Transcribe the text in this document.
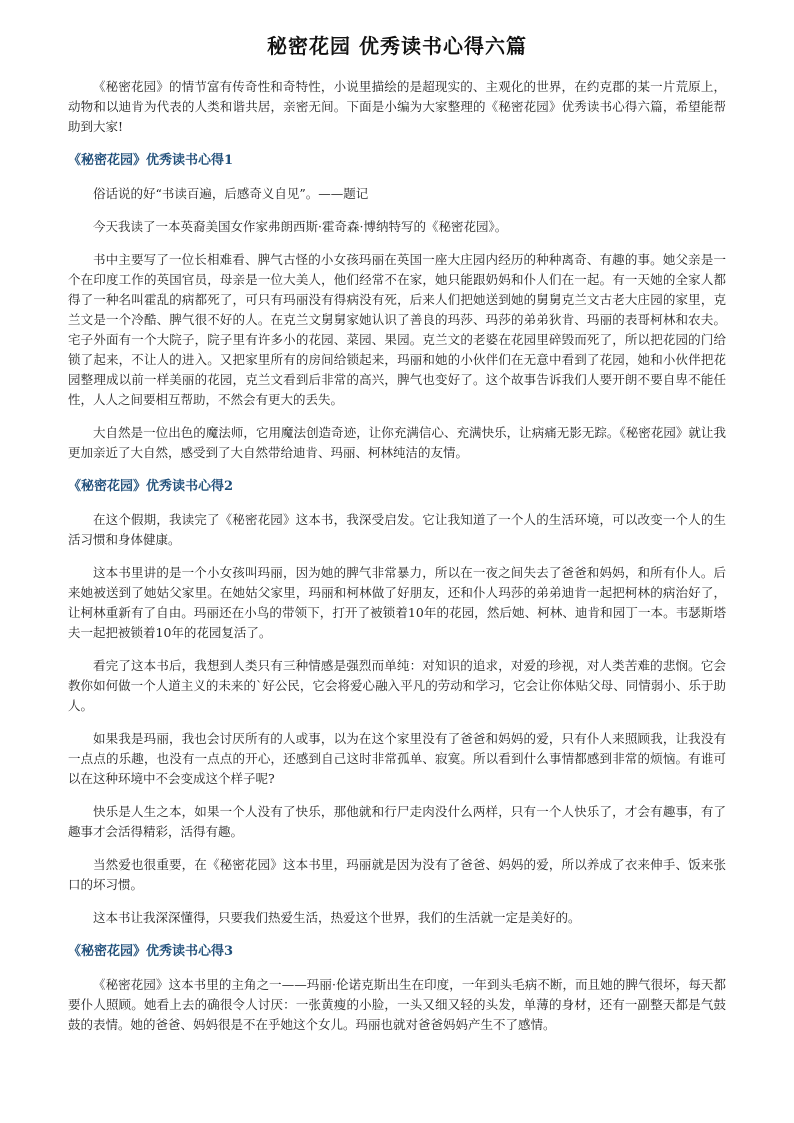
秘密花园 优秀读书心得六篇

《秘密花园》的情节富有传奇性和奇特性，小说里描绘的是超现实的、主观化的世界，在约克郡的某一片荒原上，动物和以迪肯为代表的人类和谐共居，亲密无间。下面是小编为大家整理的《秘密花园》优秀读书心得六篇，希望能帮助到大家!

《秘密花园》优秀读书心得1

俗话说的好“书读百遍，后感奇义自见”。——题记

今天我读了一本英裔美国女作家弗朗西斯·霍奇森·博纳特写的《秘密花园》。

书中主要写了一位长相难看、脾气古怪的小女孩玛丽在英国一座大庄园内经历的种种离奇、有趣的事。她父亲是一个在印度工作的英国官员，母亲是一位大美人，他们经常不在家，她只能跟奶妈和仆人们在一起。有一天她的全家人都得了一种名叫霍乱的病都死了，可只有玛丽没有得病没有死，后来人们把她送到她的舅舅克兰文古老大庄园的家里，克兰文是一个冷酷、脾气很不好的人。在克兰文舅舅家她认识了善良的玛莎、玛莎的弟弟狄肯、玛丽的表哥柯林和农夫。宅子外面有一个大院子，院子里有许多小的花园、菜园、果园。克兰文的老婆在花园里碎毁而死了，所以把花园的门给锁了起来，不让人的进入。又把家里所有的房间给锁起来，玛丽和她的小伙伴们在无意中看到了花园，她和小伙伴把花园整理成以前一样美丽的花园，克兰文看到后非常的高兴，脾气也变好了。这个故事告诉我们人要开朗不要自卑不能任性，人人之间要相互帮助，不然会有更大的丢失。

大自然是一位出色的魔法师，它用魔法创造奇迹，让你充满信心、充满快乐，让病痛无影无踪。《秘密花园》就让我更加亲近了大自然，感受到了大自然带给迪肯、玛丽、柯林纯洁的友情。

《秘密花园》优秀读书心得2

在这个假期，我读完了《秘密花园》这本书，我深受启发。它让我知道了一个人的生活环境，可以改变一个人的生活习惯和身体健康。

这本书里讲的是一个小女孩叫玛丽，因为她的脾气非常暴力，所以在一夜之间失去了爸爸和妈妈，和所有仆人。后来她被送到了她姑父家里。在她姑父家里，玛丽和柯林做了好朋友，还和仆人玛莎的弟弟迪肯一起把柯林的病治好了，让柯林重新有了自由。玛丽还在小鸟的带领下，打开了被锁着10年的花园，然后她、柯林、迪肯和园丁一本。韦瑟斯塔夫一起把被锁着10年的花园复活了。

看完了这本书后，我想到人类只有三种情感是强烈而单纯：对知识的追求，对爱的珍视，对人类苦难的悲悯。它会教你如何做一个人道主义的未来的`好公民，它会将爱心融入平凡的劳动和学习，它会让你体贴父母、同情弱小、乐于助人。

如果我是玛丽，我也会讨厌所有的人或事，以为在这个家里没有了爸爸和妈妈的爱，只有仆人来照顾我，让我没有一点点的乐趣，也没有一点点的开心，还感到自己这时非常孤单、寂寞。所以看到什么事情都感到非常的烦恼。有谁可以在这种环境中不会变成这个样子呢?

快乐是人生之本，如果一个人没有了快乐，那他就和行尸走肉没什么两样，只有一个人快乐了，才会有趣事，有了趣事才会活得精彩，活得有趣。

当然爱也很重要，在《秘密花园》这本书里，玛丽就是因为没有了爸爸、妈妈的爱，所以养成了衣来伸手、饭来张口的坏习惯。

这本书让我深深懂得，只要我们热爱生活，热爱这个世界，我们的生活就一定是美好的。

《秘密花园》优秀读书心得3

《秘密花园》这本书里的主角之一——玛丽·伦诺克斯出生在印度，一年到头毛病不断，而且她的脾气很坏，每天都要仆人照顾。她看上去的确很令人讨厌：一张黄瘦的小脸，一头又细又轻的头发，单薄的身材，还有一副整天都是气鼓鼓的表情。她的爸爸、妈妈很是不在乎她这个女儿。玛丽也就对爸爸妈妈产生不了感情。
